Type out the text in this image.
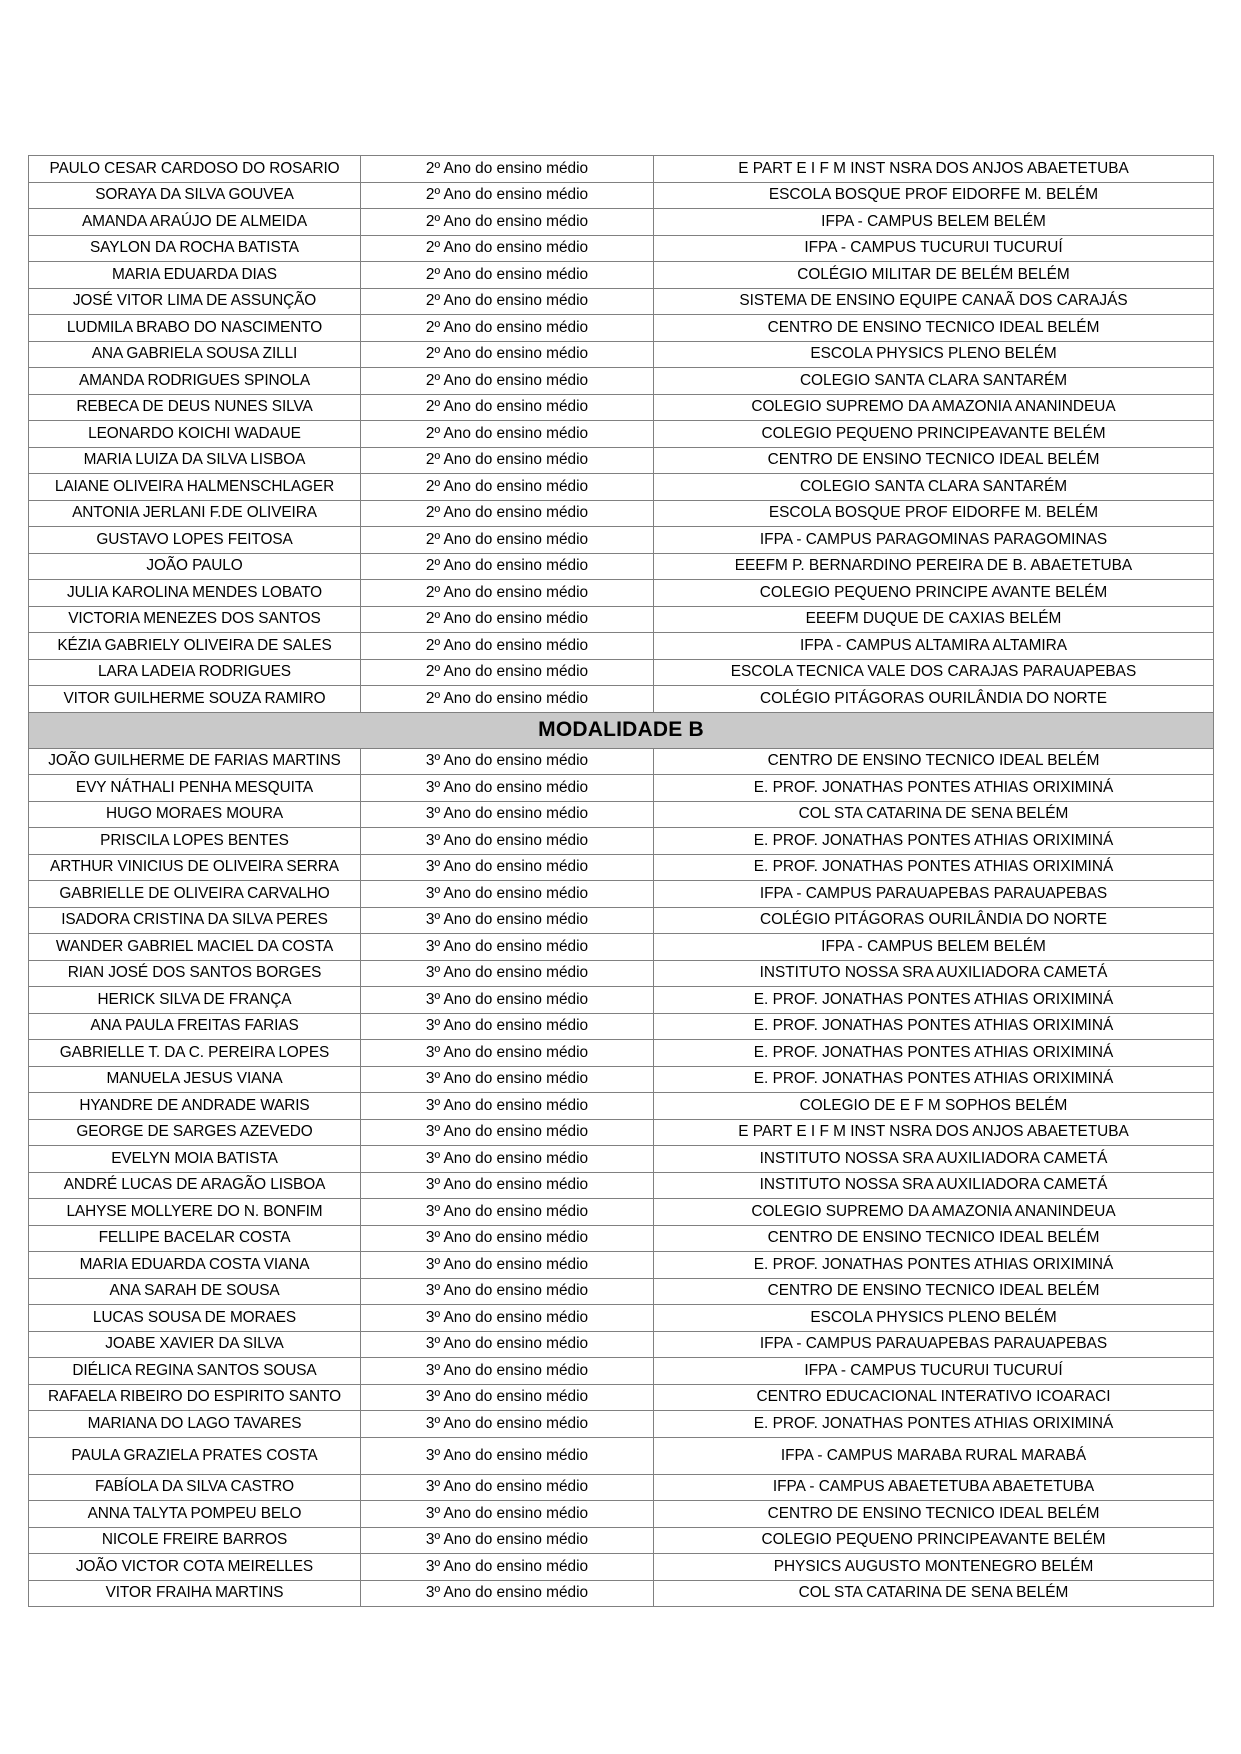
PAULO CESAR CARDOSO DO ROSARIO	2º Ano do ensino médio	E PART E I F M INST NSRA DOS ANJOS ABAETETUBA
SORAYA DA SILVA GOUVEA	2º Ano do ensino médio	ESCOLA BOSQUE PROF EIDORFE M. BELÉM
AMANDA ARAÚJO DE ALMEIDA	2º Ano do ensino médio	IFPA - CAMPUS BELEM BELÉM
SAYLON DA ROCHA BATISTA	2º Ano do ensino médio	IFPA - CAMPUS TUCURUI TUCURUÍ
MARIA EDUARDA DIAS	2º Ano do ensino médio	COLÉGIO MILITAR DE BELÉM BELÉM
JOSÉ VITOR LIMA DE ASSUNÇÃO	2º Ano do ensino médio	SISTEMA DE ENSINO EQUIPE CANAÃ DOS CARAJÁS
LUDMILA BRABO DO NASCIMENTO	2º Ano do ensino médio	CENTRO DE ENSINO TECNICO IDEAL BELÉM
ANA GABRIELA SOUSA ZILLI	2º Ano do ensino médio	ESCOLA PHYSICS PLENO BELÉM
AMANDA RODRIGUES SPINOLA	2º Ano do ensino médio	COLEGIO SANTA CLARA SANTARÉM
REBECA DE DEUS NUNES SILVA	2º Ano do ensino médio	COLEGIO SUPREMO DA AMAZONIA ANANINDEUA
LEONARDO KOICHI WADAUE	2º Ano do ensino médio	COLEGIO PEQUENO PRINCIPEAVANTE BELÉM
MARIA LUIZA DA SILVA LISBOA	2º Ano do ensino médio	CENTRO DE ENSINO TECNICO IDEAL BELÉM
LAIANE OLIVEIRA HALMENSCHLAGER	2º Ano do ensino médio	COLEGIO SANTA CLARA SANTARÉM
ANTONIA JERLANI F.DE OLIVEIRA	2º Ano do ensino médio	ESCOLA BOSQUE PROF EIDORFE M. BELÉM
GUSTAVO LOPES FEITOSA	2º Ano do ensino médio	IFPA - CAMPUS PARAGOMINAS PARAGOMINAS
JOÃO PAULO	2º Ano do ensino médio	EEEFM P. BERNARDINO PEREIRA DE B. ABAETETUBA
JULIA KAROLINA MENDES LOBATO	2º Ano do ensino médio	COLEGIO PEQUENO PRINCIPE AVANTE BELÉM
VICTORIA MENEZES DOS SANTOS	2º Ano do ensino médio	EEEFM DUQUE DE CAXIAS BELÉM
KÉZIA GABRIELY OLIVEIRA DE SALES	2º Ano do ensino médio	IFPA - CAMPUS ALTAMIRA ALTAMIRA
LARA LADEIA RODRIGUES	2º Ano do ensino médio	ESCOLA TECNICA VALE DOS CARAJAS PARAUAPEBAS
VITOR GUILHERME SOUZA RAMIRO	2º Ano do ensino médio	COLÉGIO PITÁGORAS OURILÂNDIA DO NORTE
MODALIDADE B		
JOÃO GUILHERME DE FARIAS MARTINS	3º Ano do ensino médio	CENTRO DE ENSINO TECNICO IDEAL BELÉM
EVY NÁTHALI PENHA MESQUITA	3º Ano do ensino médio	E. PROF. JONATHAS PONTES ATHIAS ORIXIMINÁ
HUGO MORAES MOURA	3º Ano do ensino médio	COL STA CATARINA DE SENA BELÉM
PRISCILA LOPES BENTES	3º Ano do ensino médio	E. PROF. JONATHAS PONTES ATHIAS ORIXIMINÁ
ARTHUR VINICIUS DE OLIVEIRA SERRA	3º Ano do ensino médio	E. PROF. JONATHAS PONTES ATHIAS ORIXIMINÁ
GABRIELLE DE OLIVEIRA CARVALHO	3º Ano do ensino médio	IFPA - CAMPUS PARAUAPEBAS PARAUAPEBAS
ISADORA CRISTINA DA SILVA PERES	3º Ano do ensino médio	COLÉGIO PITÁGORAS OURILÂNDIA DO NORTE
WANDER GABRIEL MACIEL DA COSTA	3º Ano do ensino médio	IFPA - CAMPUS BELEM BELÉM
RIAN JOSÉ DOS SANTOS BORGES	3º Ano do ensino médio	INSTITUTO NOSSA SRA AUXILIADORA CAMETÁ
HERICK SILVA DE FRANÇA	3º Ano do ensino médio	E. PROF. JONATHAS PONTES ATHIAS ORIXIMINÁ
ANA PAULA FREITAS FARIAS	3º Ano do ensino médio	E. PROF. JONATHAS PONTES ATHIAS ORIXIMINÁ
GABRIELLE T. DA C. PEREIRA LOPES	3º Ano do ensino médio	E. PROF. JONATHAS PONTES ATHIAS ORIXIMINÁ
MANUELA JESUS VIANA	3º Ano do ensino médio	E. PROF. JONATHAS PONTES ATHIAS ORIXIMINÁ
HYANDRE DE ANDRADE WARIS	3º Ano do ensino médio	COLEGIO DE E F M SOPHOS BELÉM
GEORGE DE SARGES AZEVEDO	3º Ano do ensino médio	E PART E I F M INST NSRA DOS ANJOS ABAETETUBA
EVELYN MOIA BATISTA	3º Ano do ensino médio	INSTITUTO NOSSA SRA AUXILIADORA CAMETÁ
ANDRÉ LUCAS DE ARAGÃO LISBOA	3º Ano do ensino médio	INSTITUTO NOSSA SRA AUXILIADORA CAMETÁ
LAHYSE MOLLYERE DO N. BONFIM	3º Ano do ensino médio	COLEGIO SUPREMO DA AMAZONIA ANANINDEUA
FELLIPE BACELAR COSTA	3º Ano do ensino médio	CENTRO DE ENSINO TECNICO IDEAL BELÉM
MARIA EDUARDA COSTA VIANA	3º Ano do ensino médio	E. PROF. JONATHAS PONTES ATHIAS ORIXIMINÁ
ANA SARAH DE SOUSA	3º Ano do ensino médio	CENTRO DE ENSINO TECNICO IDEAL BELÉM
LUCAS SOUSA DE MORAES	3º Ano do ensino médio	ESCOLA PHYSICS PLENO BELÉM
JOABE XAVIER DA SILVA	3º Ano do ensino médio	IFPA - CAMPUS PARAUAPEBAS PARAUAPEBAS
DIÉLICA REGINA SANTOS SOUSA	3º Ano do ensino médio	IFPA - CAMPUS TUCURUI TUCURUÍ
RAFAELA RIBEIRO DO ESPIRITO SANTO	3º Ano do ensino médio	CENTRO EDUCACIONAL INTERATIVO ICOARACI
MARIANA DO LAGO TAVARES	3º Ano do ensino médio	E. PROF. JONATHAS PONTES ATHIAS ORIXIMINÁ
PAULA GRAZIELA PRATES COSTA	3º Ano do ensino médio	IFPA - CAMPUS MARABA RURAL MARABÁ
FABÍOLA DA SILVA CASTRO	3º Ano do ensino médio	IFPA - CAMPUS ABAETETUBA ABAETETUBA
ANNA TALYTA POMPEU BELO	3º Ano do ensino médio	CENTRO DE ENSINO TECNICO IDEAL BELÉM
NICOLE FREIRE BARROS	3º Ano do ensino médio	COLEGIO PEQUENO PRINCIPEAVANTE BELÉM
JOÃO VICTOR COTA MEIRELLES	3º Ano do ensino médio	PHYSICS AUGUSTO MONTENEGRO BELÉM
VITOR FRAIHA MARTINS	3º Ano do ensino médio	COL STA CATARINA DE SENA BELÉM
